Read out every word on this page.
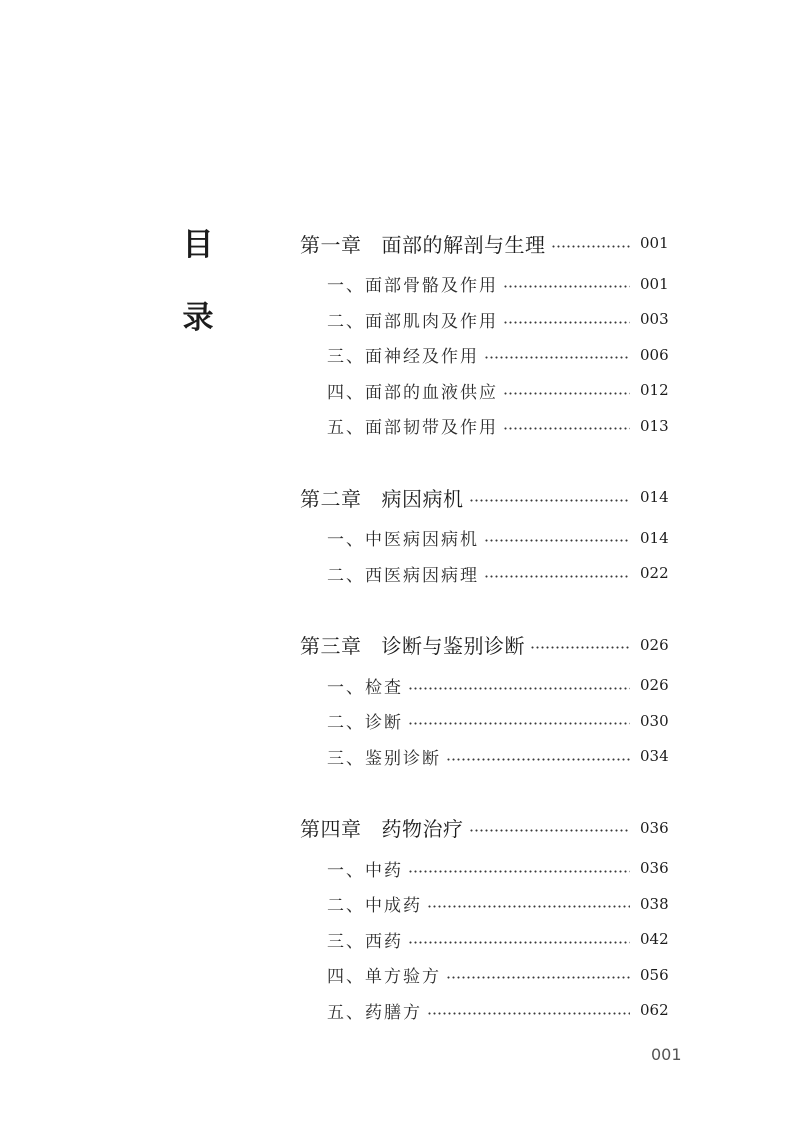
目
录
第一章 面部的解剖与生理	001
一、面部骨骼及作用	001
二、面部肌肉及作用	003
三、面神经及作用	006
四、面部的血液供应	012
五、面部韧带及作用	013
第二章 病因病机	014
一、中医病因病机	014
二、西医病因病理	022
第三章 诊断与鉴别诊断	026
一、检查	026
二、诊断	030
三、鉴别诊断	034
第四章 药物治疗	036
一、中药	036
二、中成药	038
三、西药	042
四、单方验方	056
五、药膳方	062
001
